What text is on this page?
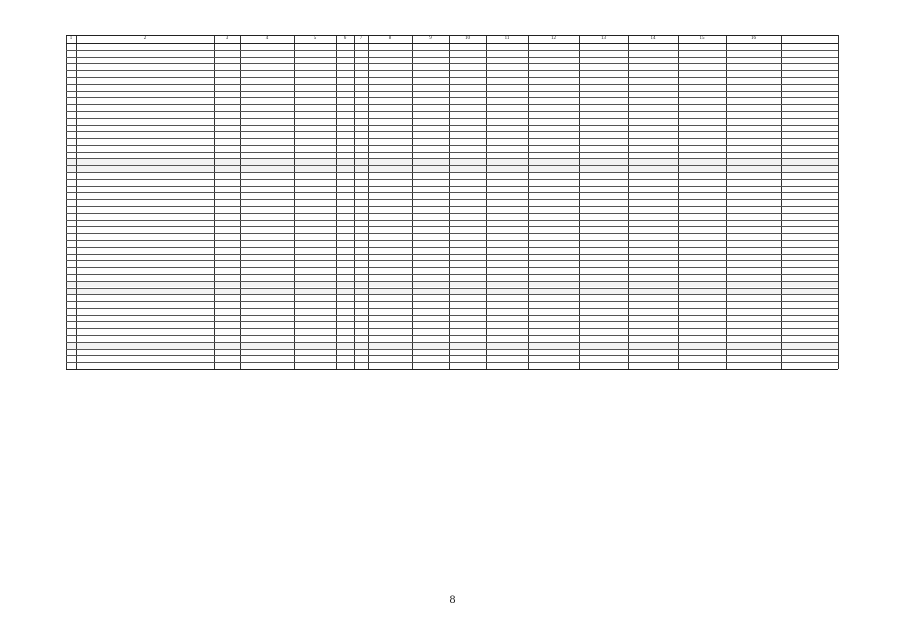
1	2	3	4	5	6	7	8	9	10	11	12	13	14	15	16
8
